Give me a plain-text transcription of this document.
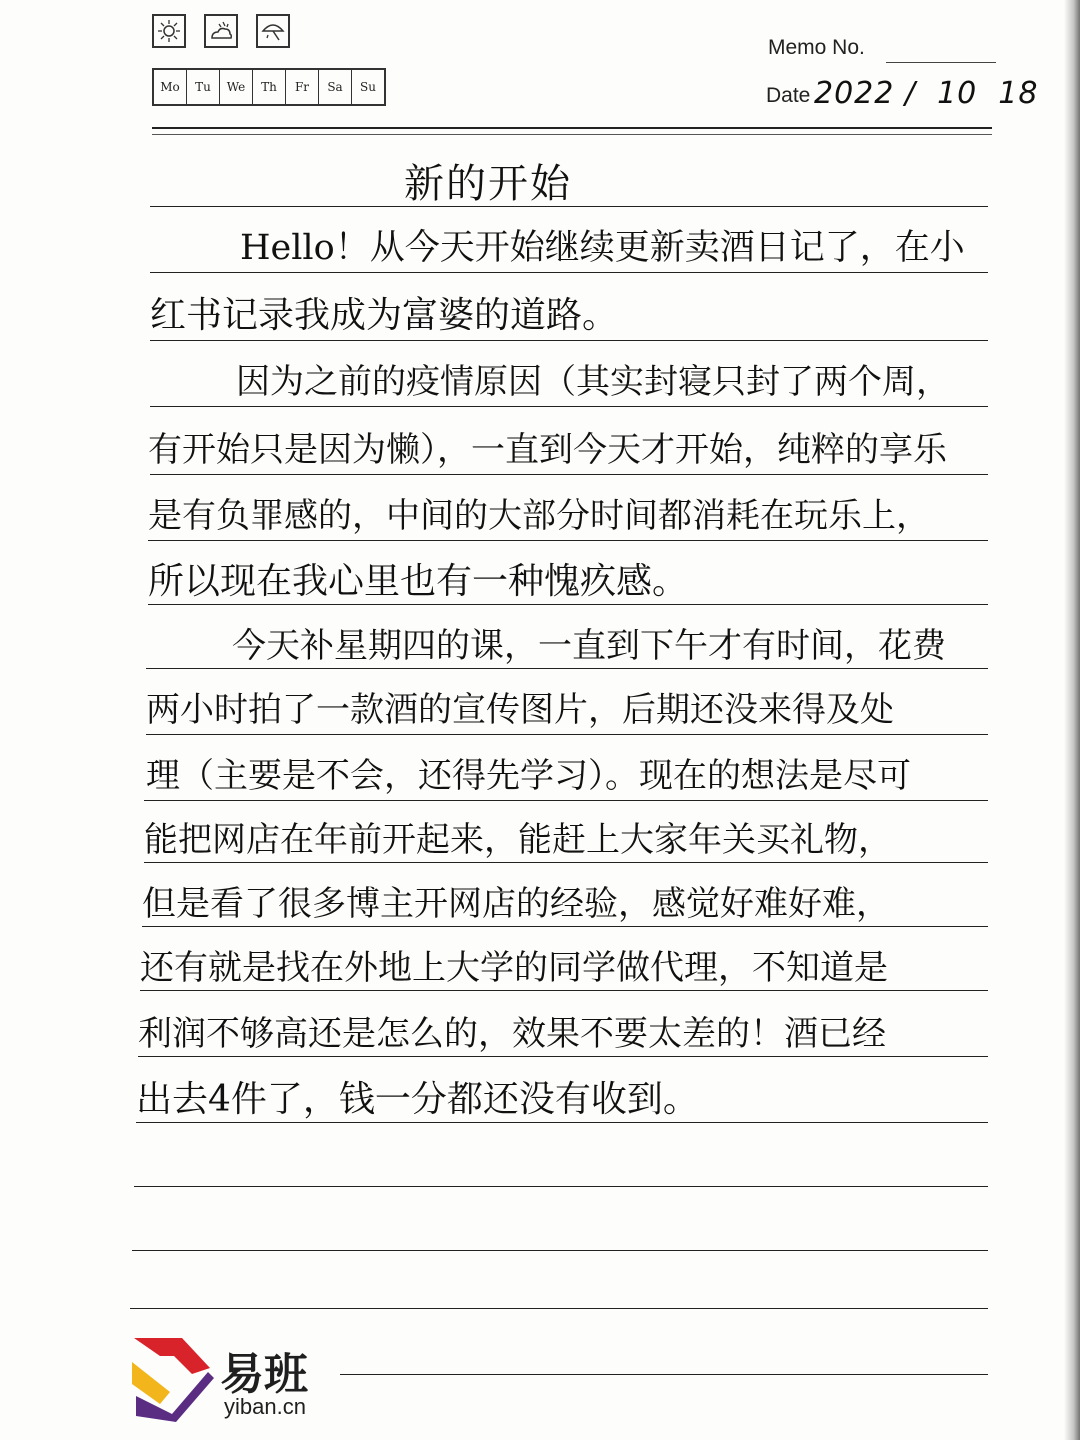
Mo	Tu	We	Th	Fr	Sa	Su
Memo No.
Date 2022 /  10  18
新的开始
Hello！从今天开始继续更新卖酒日记了，在小
红书记录我成为富婆的道路。
因为之前的疫情原因（其实封寝只封了两个周，
有开始只是因为懒），一直到今天才开始，纯粹的享乐
是有负罪感的，中间的大部分时间都消耗在玩乐上，
所以现在我心里也有一种愧疚感。
今天补星期四的课，一直到下午才有时间，花费
两小时拍了一款酒的宣传图片，后期还没来得及处
理（主要是不会，还得先学习）。现在的想法是尽可
能把网店在年前开起来，能赶上大家年关买礼物，
但是看了很多博主开网店的经验，感觉好难好难，
还有就是找在外地上大学的同学做代理，不知道是
利润不够高还是怎么的，效果不要太差的！酒已经
出去4件了，钱一分都还没有收到。
易班
yiban.cn
